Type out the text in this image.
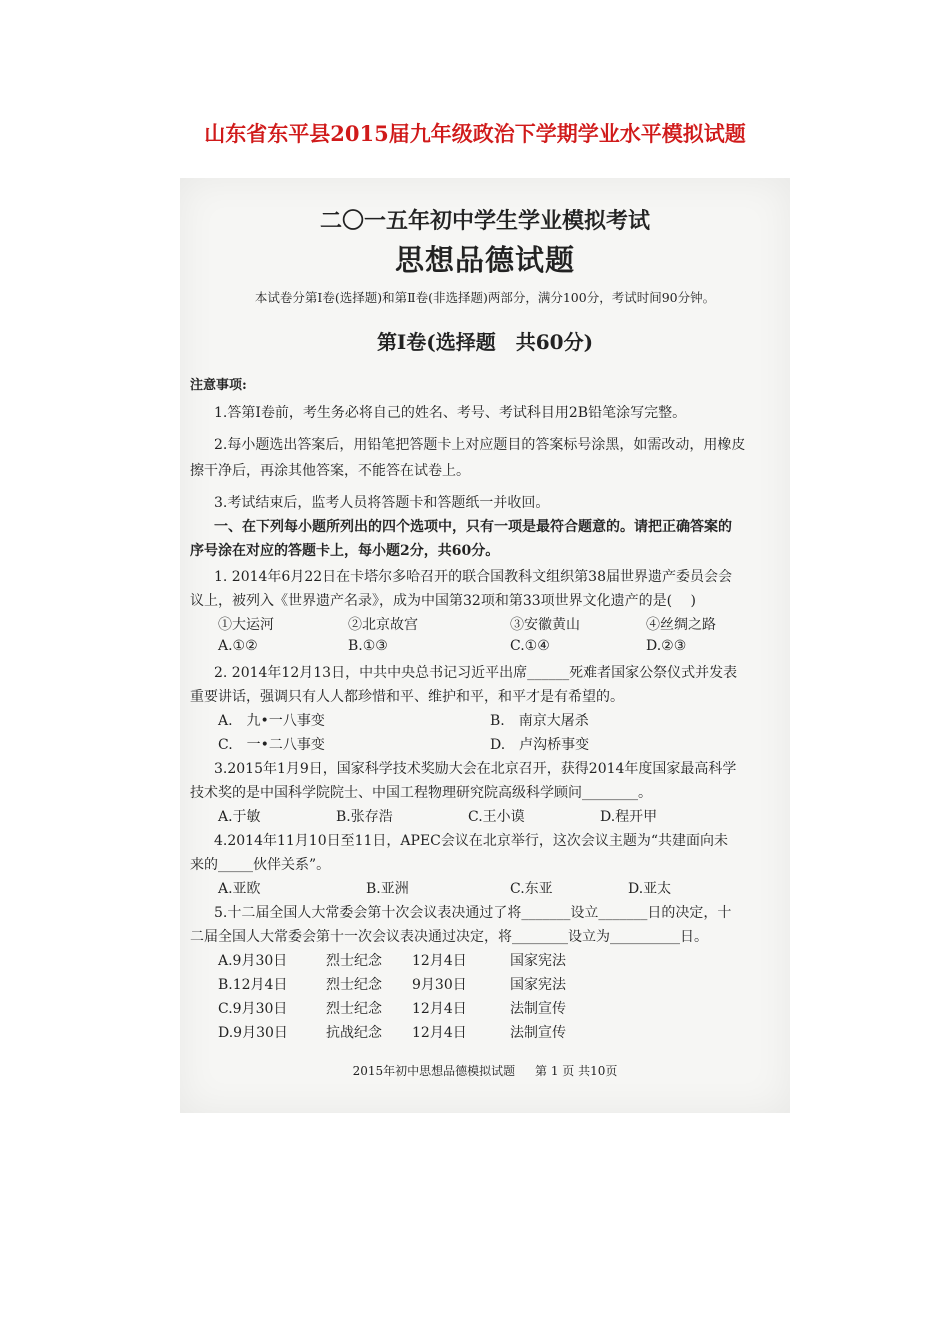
山东省东平县2015届九年级政治下学期学业水平模拟试题
二〇一五年初中学生学业模拟考试
思想品德试题
本试卷分第Ⅰ卷(选择题)和第Ⅱ卷(非选择题)两部分，满分100分，考试时间90分钟。
第Ⅰ卷(选择题　共60分)
注意事项:
1.答第Ⅰ卷前，考生务必将自己的姓名、考号、考试科目用2B铅笔涂写完整。
2.每小题选出答案后，用铅笔把答题卡上对应题目的答案标号涂黑，如需改动，用橡皮
擦干净后，再涂其他答案，不能答在试卷上。
3.考试结束后，监考人员将答题卡和答题纸一并收回。
一、在下列每小题所列出的四个选项中，只有一项是最符合题意的。请把正确答案的
序号涂在对应的答题卡上，每小题2分，共60分。
1. 2014年6月22日在卡塔尔多哈召开的联合国教科文组织第38届世界遗产委员会会
议上，被列入《世界遗产名录》，成为中国第32项和第33项世界文化遗产的是(　 )
①大运河	②北京故宫	③安徽黄山	④丝绸之路
A.①②	B.①③	C.①④	D.②③
2. 2014年12月13日，中共中央总书记习近平出席______死难者国家公祭仪式并发表
重要讲话，强调只有人人都珍惜和平、维护和平，和平才是有希望的。
A.　九•一八事变	B.　南京大屠杀
C.　一•二八事变	D.　卢沟桥事变
3.2015年1月9日，国家科学技术奖励大会在北京召开，获得2014年度国家最高科学
技术奖的是中国科学院院士、中国工程物理研究院高级科学顾问________。
A.于敏	B.张存浩	C.王小谟	D.程开甲
4.2014年11月10日至11日，APEC会议在北京举行，这次会议主题为“共建面向未
来的_____伙伴关系”。
A.亚欧	B.亚洲	C.东亚	D.亚太
5.十二届全国人大常委会第十次会议表决通过了将_______设立_______日的决定，十
二届全国人大常委会第十一次会议表决通过决定，将________设立为__________日。
A.9月30日	烈士纪念 12月4日	国家宪法
B.12月4日	烈士纪念 9月30日	国家宪法
C.9月30日	烈士纪念 12月4日	法制宣传
D.9月30日	抗战纪念 12月4日	法制宣传
2015年初中思想品德模拟试题 第 1 页 共10页
